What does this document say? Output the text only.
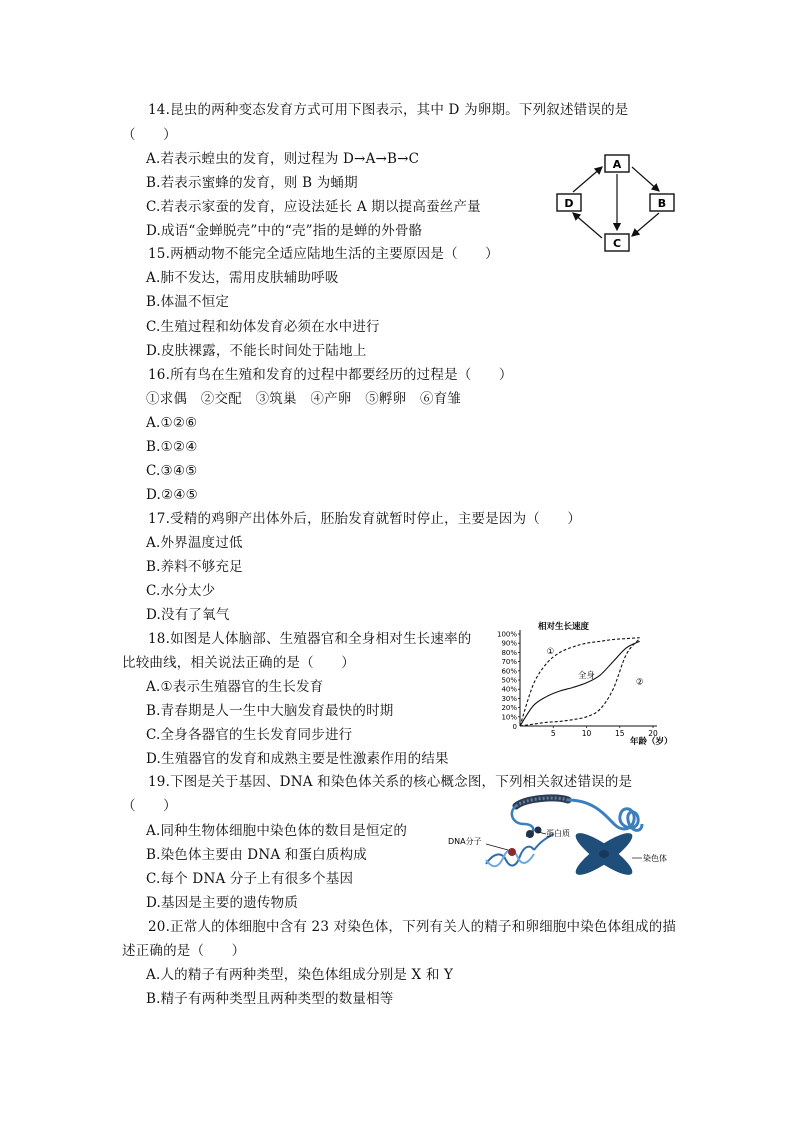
14.昆虫的两种变态发育方式可用下图表示，其中 D 为卵期。下列叙述错误的是
（　　）
A.若表示蝗虫的发育，则过程为 D→A→B→C
B.若表示蜜蜂的发育，则 B 为蛹期
C.若表示家蚕的发育，应设法延长 A 期以提高蚕丝产量
D.成语“金蝉脱壳”中的“壳”指的是蝉的外骨骼
A
B
C
D
15.两栖动物不能完全适应陆地生活的主要原因是（　　）
A.肺不发达，需用皮肤辅助呼吸
B.体温不恒定
C.生殖过程和幼体发育必须在水中进行
D.皮肤裸露，不能长时间处于陆地上
16.所有鸟在生殖和发育的过程中都要经历的过程是（　　）
①求偶　②交配　③筑巢　④产卵　⑤孵卵　⑥育雏
A.①②⑥
B.①②④
C.③④⑤
D.②④⑤
17.受精的鸡卵产出体外后，胚胎发育就暂时停止，主要是因为（　　）
A.外界温度过低
B.养料不够充足
C.水分太少
D.没有了氧气
18.如图是人体脑部、生殖器官和全身相对生长速率的
比较曲线，相关说法正确的是（　　）
A.①表示生殖器官的生长发育
B.青春期是人一生中大脑发育最快的时期
C.全身各器官的生长发育同步进行
D.生殖器官的发育和成熟主要是性激素作用的结果
相对生长速度
年龄（岁）
10%
20%
30%
40%
50%
60%
70%
80%
90%
100%
0
5	10	15	20
①
全身
②
19.下图是关于基因、DNA 和染色体关系的核心概念图，下列相关叙述错误的是
（　　）
A.同种生物体细胞中染色体的数目是恒定的
B.染色体主要由 DNA 和蛋白质构成
C.每个 DNA 分子上有很多个基因
D.基因是主要的遗传物质
DNA分子
蛋白质
染色体
20.正常人的体细胞中含有 23 对染色体，下列有关人的精子和卵细胞中染色体组成的描
述正确的是（　　）
A.人的精子有两种类型，染色体组成分别是 X 和 Y
B.精子有两种类型且两种类型的数量相等
